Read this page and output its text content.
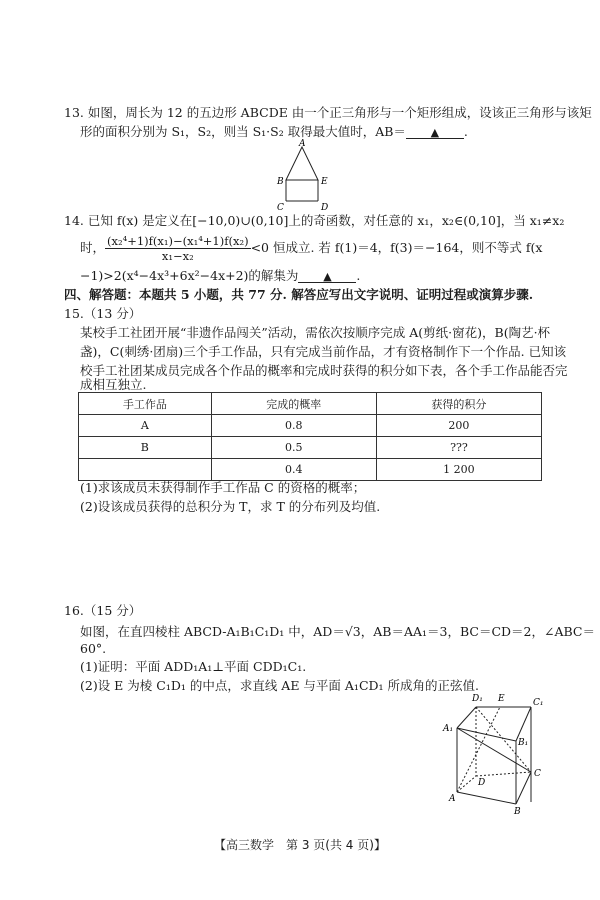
13. 如图，周长为 12 的五边形 ABCDE 由一个正三角形与一个矩形组成，设该正三角形与该矩
形的面积分别为 S₁，S₂，则当 S₁·S₂ 取得最大值时，AB＝ ▲ .
A
B	E
C	D
14. 已知 f(x) 是定义在[−10,0)∪(0,10]上的奇函数，对任意的 x₁，x₂∈(0,10]，当 x₁≠x₂
时， $\frac{\text{(x₂⁴+1)f(x₁)−(x₁⁴+1)f(x₂)}}{\text{x₁−x₂}} <0$ 恒成立. 若 f(1)＝4，f(3)＝−164，则不等式 f(x
−1)>2(x⁴−4x³+6x²−4x+2)的解集为 ▲ .
四、解答题：本题共 5 小题，共 77 分. 解答应写出文字说明、证明过程或演算步骤.
15.（13 分）
某校手工社团开展“非遗作品闯关”活动，需依次按顺序完成 A(剪纸·窗花)，B(陶艺·杯
盏)，C(刺绣·团扇)三个手工作品，只有完成当前作品，才有资格制作下一个作品. 已知该
校手工社团某成员完成各个作品的概率和完成时获得的积分如下表，各个手工作品能否完
成相互独立.
手工作品	完成的概率	获得的积分
A	0.8	200
B	0.5	???
	0.4	1 200
(1)求该成员未获得制作手工作品 C 的资格的概率；
(2)设该成员获得的总积分为 T，求 T 的分布列及均值.
16.（15 分）
如图，在直四棱柱 ABCD-A₁B₁C₁D₁ 中，AD＝√3，AB＝AA₁＝3，BC＝CD＝2，∠ABC＝
60°.
(1)证明：平面 ADD₁A₁⊥平面 CDD₁C₁.
(2)设 E 为棱 C₁D₁ 的中点，求直线 AE 与平面 A₁CD₁ 所成角的正弦值.
D₁ E	C₁
A₁
B₁
D
C
A
B
【高三数学　第 3 页(共 4 页)】
